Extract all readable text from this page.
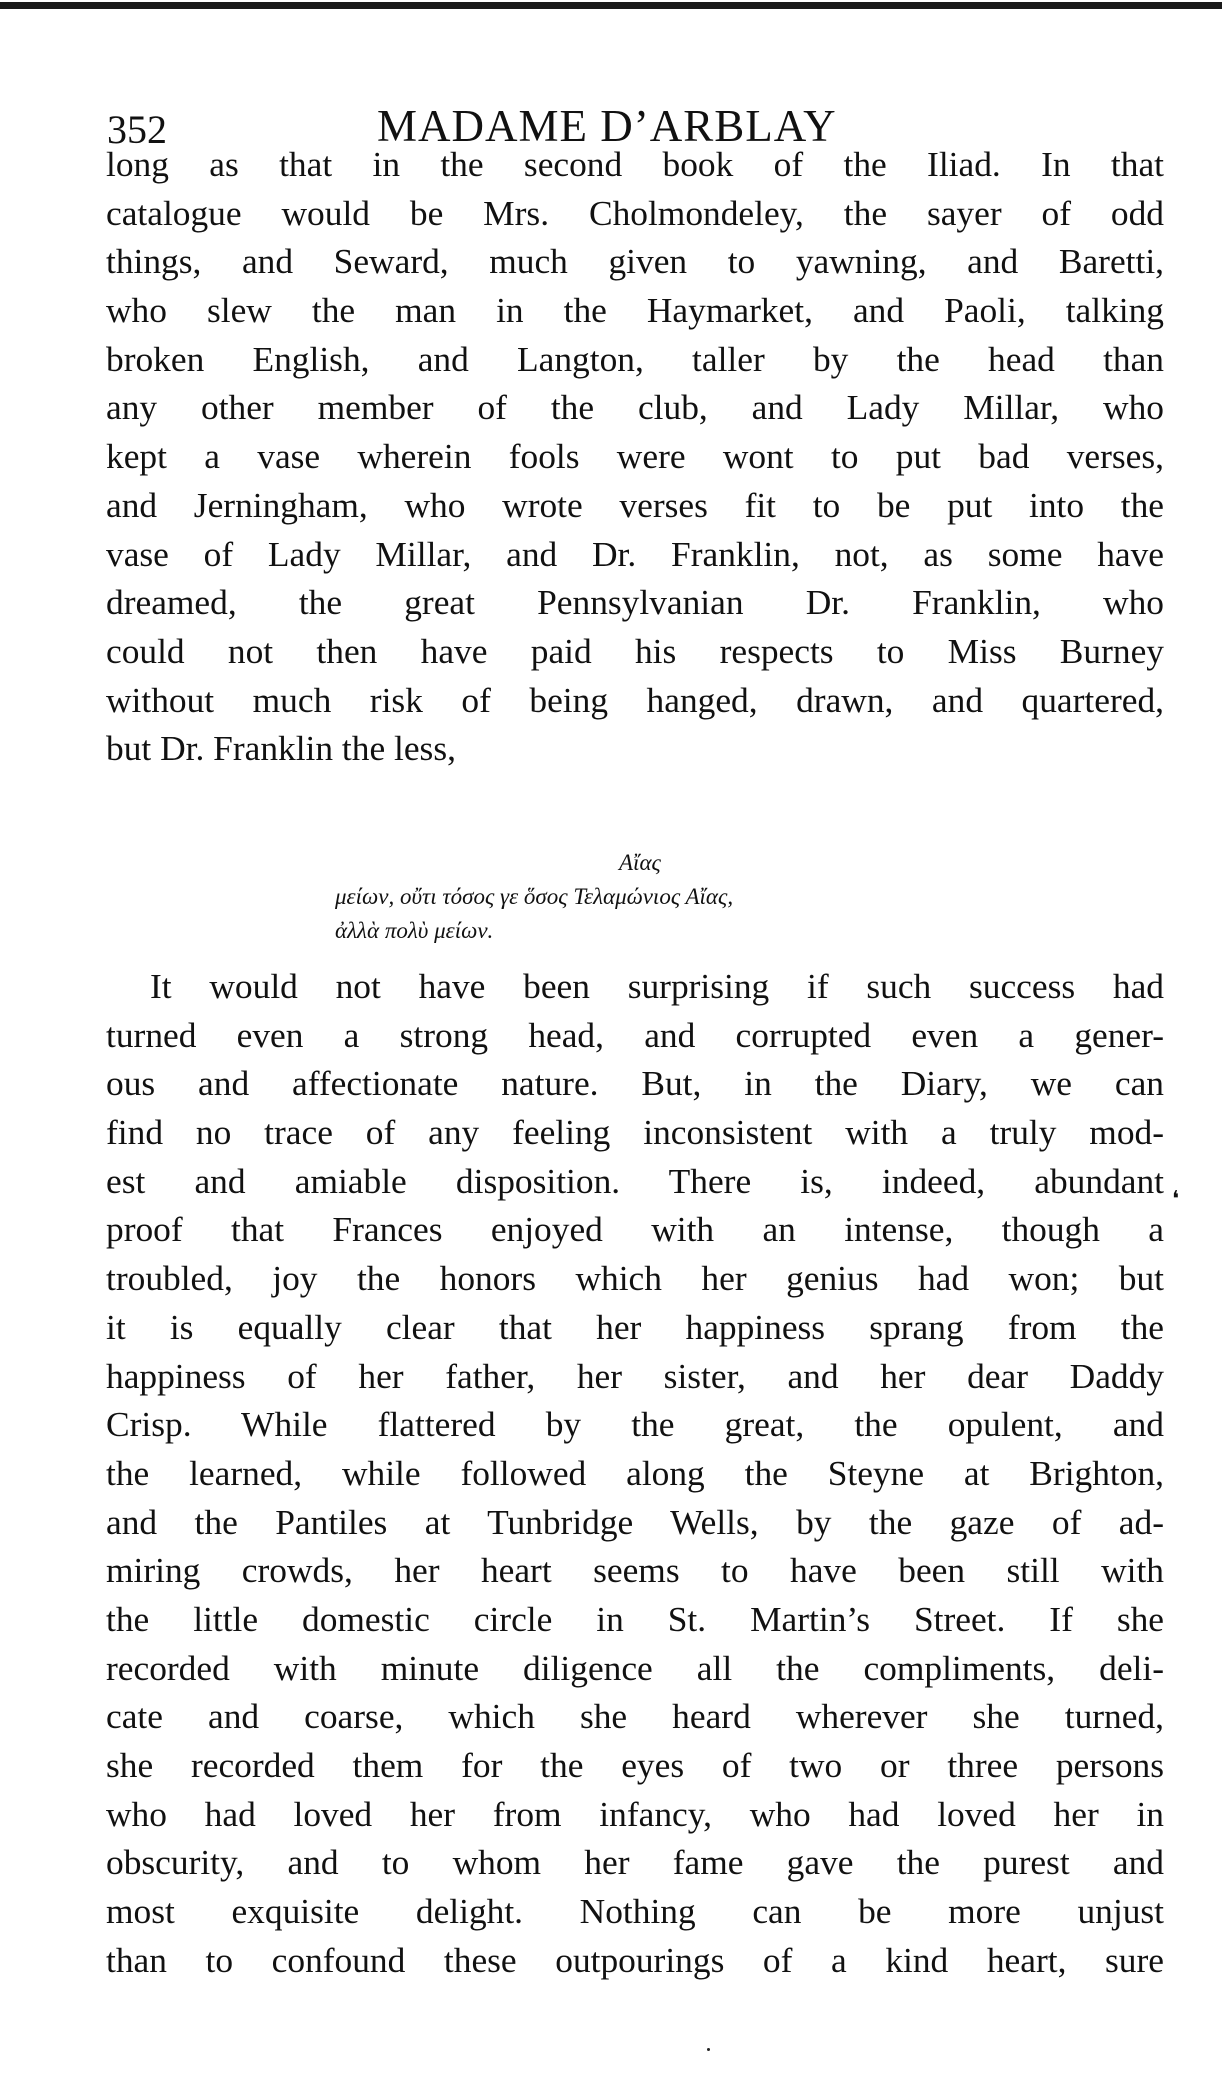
352	MADAME D’ARBLAY
long as that in the second book of the Iliad. In that
catalogue would be Mrs. Cholmondeley, the sayer of odd
things, and Seward, much given to yawning, and Baretti,
who slew the man in the Haymarket, and Paoli, talking
broken English, and Langton, taller by the head than
any other member of the club, and Lady Millar, who
kept a vase wherein fools were wont to put bad verses,
and Jerningham, who wrote verses fit to be put into the
vase of Lady Millar, and Dr. Franklin, not, as some have
dreamed, the great Pennsylvanian Dr. Franklin, who
could not then have paid his respects to Miss Burney
without much risk of being hanged, drawn, and quartered,
but Dr. Franklin the less,
Αἴας
μείων, οὔτι τόσος γε ὅσος Τελαμώνιος Αἴας,
ἀλλὰ πολὺ μείων.
It would not have been surprising if such success had
turned even a strong head, and corrupted even a gener-
ous and affectionate nature. But, in the Diary, we can
find no trace of any feeling inconsistent with a truly mod-
est and amiable disposition. There is, indeed, abundant
proof that Frances enjoyed with an intense, though a
troubled, joy the honors which her genius had won; but
it is equally clear that her happiness sprang from the
happiness of her father, her sister, and her dear Daddy
Crisp. While flattered by the great, the opulent, and
the learned, while followed along the Steyne at Brighton,
and the Pantiles at Tunbridge Wells, by the gaze of ad-
miring crowds, her heart seems to have been still with
the little domestic circle in St. Martin’s Street. If she
recorded with minute diligence all the compliments, deli-
cate and coarse, which she heard wherever she turned,
she recorded them for the eyes of two or three persons
who had loved her from infancy, who had loved her in
obscurity, and to whom her fame gave the purest and
most exquisite delight. Nothing can be more unjust
than to confound these outpourings of a kind heart, sure
❛
